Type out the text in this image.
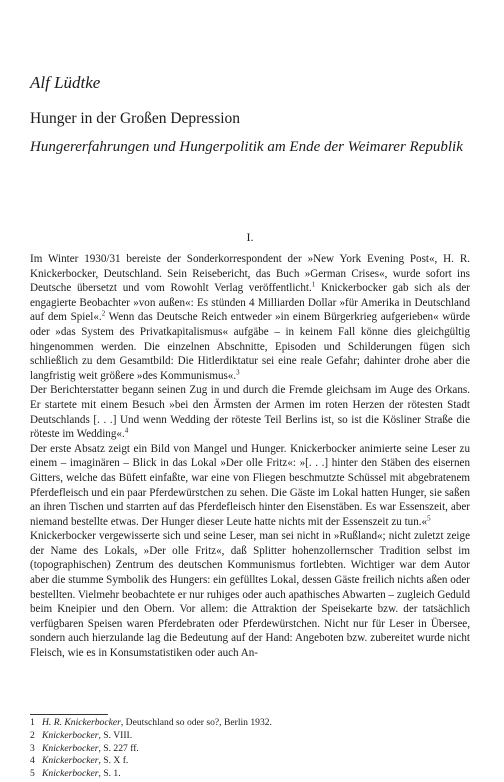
Alf Lüdtke
Hunger in der Großen Depression
Hungererfahrungen und Hungerpolitik am Ende der Weimarer Republik
I.

Im Winter 1930/31 bereiste der Sonderkorrespondent der »New York Evening Post«, H. R. Knickerbocker, Deutschland. Sein Reisebericht, das Buch »German Crises«, wurde sofort ins Deutsche übersetzt und vom Rowohlt Verlag veröffentlicht.$^1$ Knickerbocker gab sich als der engagierte Beobachter »von außen«: Es stünden 4 Milliarden Dollar »für Amerika in Deutschland auf dem Spiel«.$^2$ Wenn das Deutsche Reich entweder »in einem Bürgerkrieg aufgerieben« würde oder »das System des Privatkapitalismus« aufgäbe – in keinem Fall könne dies gleichgültig hingenommen werden. Die einzelnen Abschnitte, Episoden und Schilderungen fügen sich schließlich zu dem Gesamtbild: Die Hitlerdiktatur sei eine reale Gefahr; dahinter drohe aber die langfristig weit größere »des Kommunismus«.$^3$

Der Berichterstatter begann seinen Zug in und durch die Fremde gleichsam im Auge des Orkans. Er startete mit einem Besuch »bei den Ärmsten der Armen im roten Herzen der rötesten Stadt Deutschlands [. . .] Und wenn Wedding der röteste Teil Berlins ist, so ist die Kösliner Straße die röteste im Wedding«.$^4$

Der erste Absatz zeigt ein Bild von Mangel und Hunger. Knickerbocker animierte seine Leser zu einem – imaginären – Blick in das Lokal »Der olle Fritz«: »[. . .] hinter den Stäben des eisernen Gitters, welche das Büfett einfaßte, war eine von Fliegen beschmutzte Schüssel mit abgebratenem Pferdefleisch und ein paar Pferdewürstchen zu sehen. Die Gäste im Lokal hatten Hunger, sie saßen an ihren Tischen und starrten auf das Pferdefleisch hinter den Eisenstäben. Es war Essenszeit, aber niemand bestellte etwas. Der Hunger dieser Leute hatte nichts mit der Essenszeit zu tun.«$^5$

Knickerbocker vergewisserte sich und seine Leser, man sei nicht in »Rußland«; nicht zuletzt zeige der Name des Lokals, »Der olle Fritz«, daß Splitter hohenzollernscher Tradition selbst im (topographischen) Zentrum des deutschen Kommunismus fortlebten. Wichtiger war dem Autor aber die stumme Symbolik des Hungers: ein gefülltes Lokal, dessen Gäste freilich nichts aßen oder bestellten. Vielmehr beobachtete er nur ruhiges oder auch apathisches Abwarten – zugleich Geduld beim Kneipier und den Obern. Vor allem: die Attraktion der Speisekarte bzw. der tatsächlich verfügbaren Speisen waren Pferdebraten oder Pferdewürstchen. Nicht nur für Leser in Übersee, sondern auch hierzulande lag die Bedeutung auf der Hand: Angeboten bzw. zubereitet wurde nicht Fleisch, wie es in Konsumstatistiken oder auch An-

1 H. R. Knickerbocker, Deutschland so oder so?, Berlin 1932.
2 Knickerbocker, S. VIII.
3 Knickerbocker, S. 227 ff.
4 Knickerbocker, S. X f.
5 Knickerbocker, S. 1.
